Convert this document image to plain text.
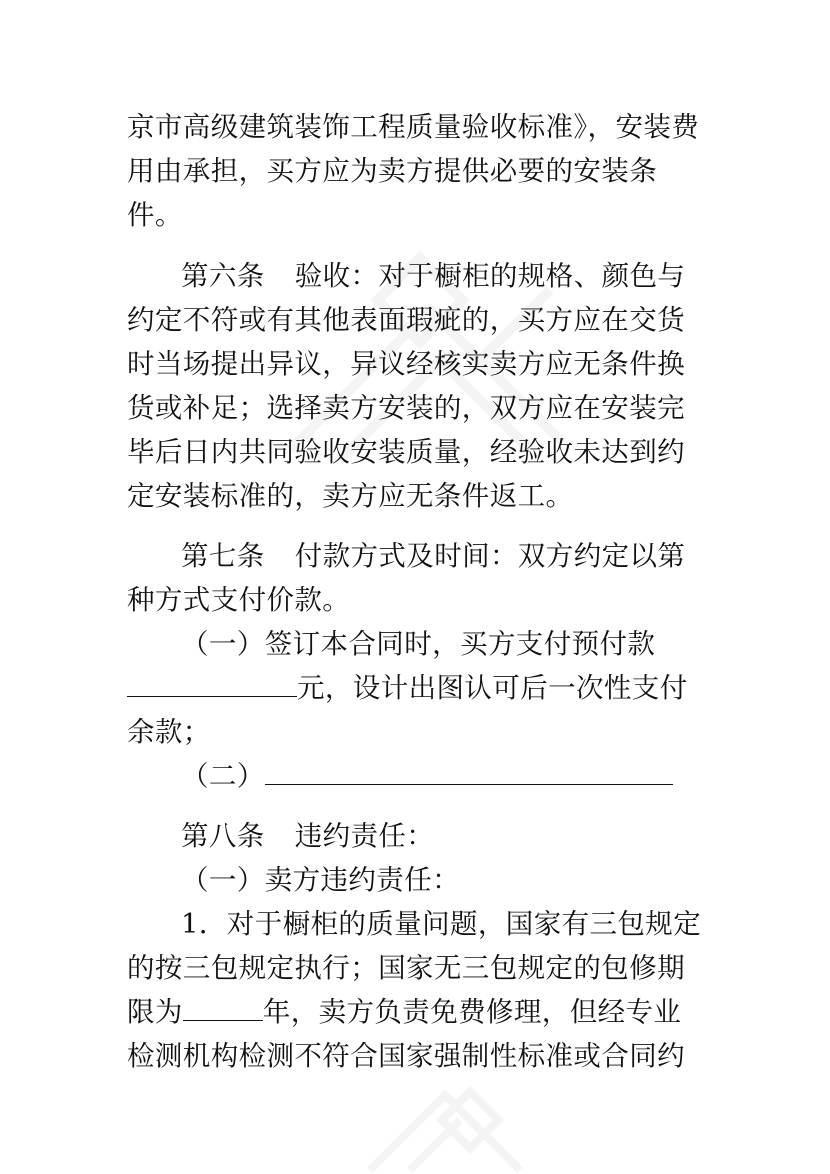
京市高级建筑装饰工程质量验收标准》，安装费
用由承担，买方应为卖方提供必要的安装条
件。
第六条 验收：对于橱柜的规格、颜色与
约定不符或有其他表面瑕疵的，买方应在交货
时当场提出异议，异议经核实卖方应无条件换
货或补足；选择卖方安装的，双方应在安装完
毕后日内共同验收安装质量，经验收未达到约
定安装标准的，卖方应无条件返工。
第七条 付款方式及时间：双方约定以第
种方式支付价款。
（一）签订本合同时，买方支付预付款
元，设计出图认可后一次性支付
余款；
（二）
第八条 违约责任：
（一）卖方违约责任：
1．对于橱柜的质量问题，国家有三包规定
的按三包规定执行；国家无三包规定的包修期
限为	年，卖方负责免费修理，但经专业
检测机构检测不符合国家强制性标准或合同约
